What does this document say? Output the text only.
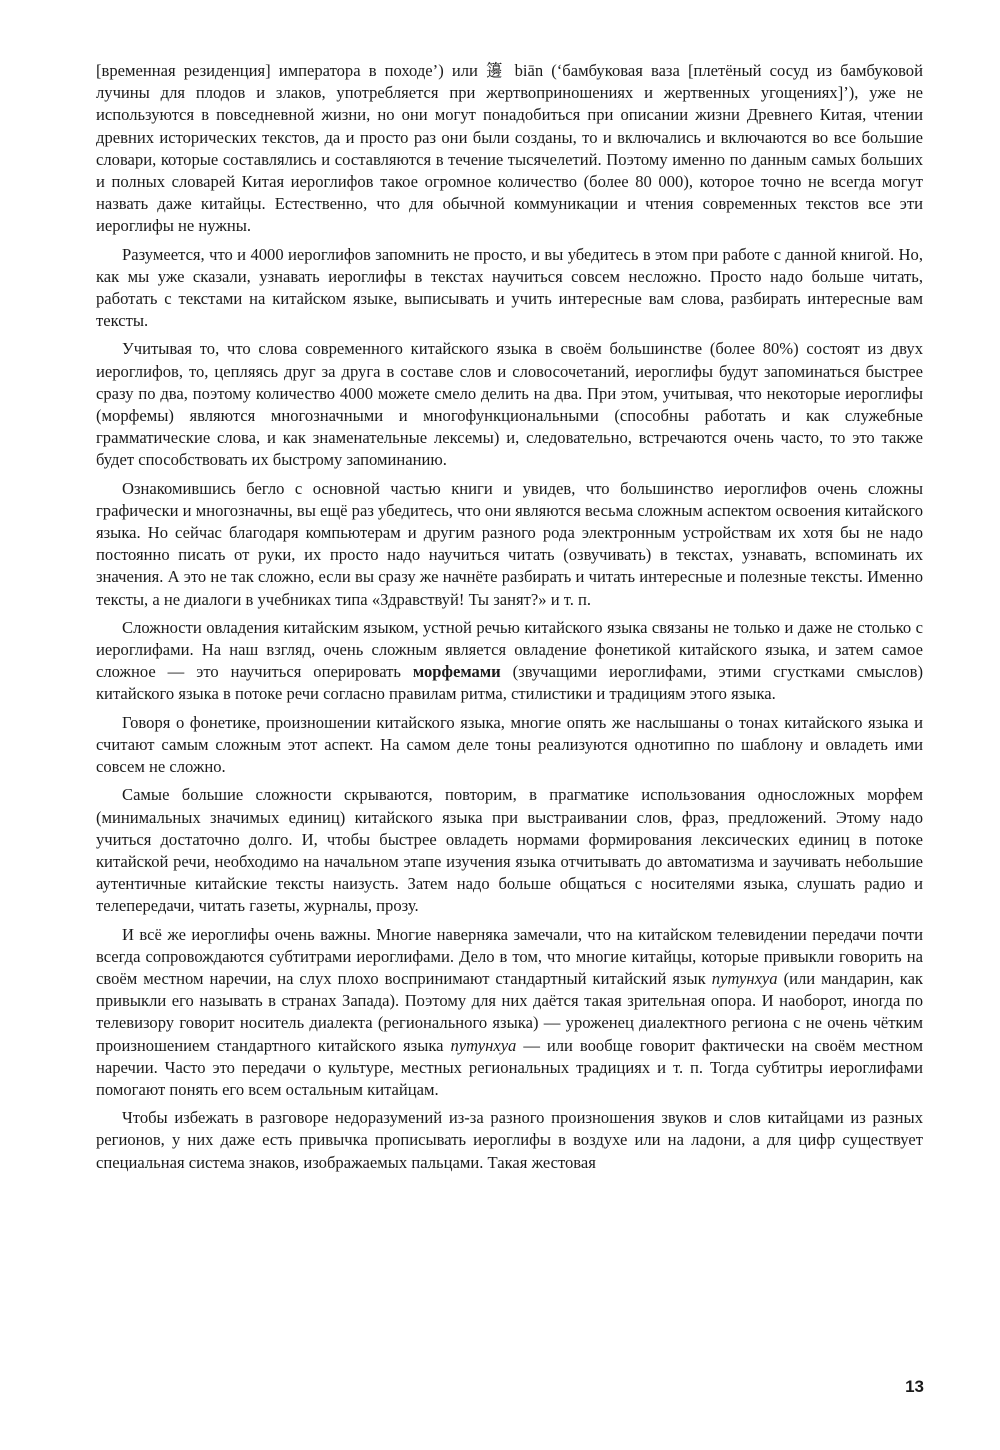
[временная резиденция] императора в походе’) или 籩 biān (‘бамбуковая ваза [плетёный сосуд из бамбуковой лучины для плодов и злаков, употребляется при жертвоприношениях и жертвенных угощениях]’), уже не используются в повседневной жизни, но они могут понадобиться при описании жизни Древнего Китая, чтении древних исторических текстов, да и просто раз они были созданы, то и включались и включаются во все большие словари, которые составлялись и составляются в течение тысячелетий. Поэтому именно по данным самых больших и полных словарей Китая иероглифов такое огромное количество (более 80 000), которое точно не всегда могут назвать даже китайцы. Естественно, что для обычной коммуникации и чтения современных текстов все эти иероглифы не нужны.

Разумеется, что и 4000 иероглифов запомнить не просто, и вы убедитесь в этом при работе с данной книгой. Но, как мы уже сказали, узнавать иероглифы в текстах научиться совсем несложно. Просто надо больше читать, работать с текстами на китайском языке, выписывать и учить интересные вам слова, разбирать интересные вам тексты.

Учитывая то, что слова современного китайского языка в своём большинстве (более 80%) состоят из двух иероглифов, то, цепляясь друг за друга в составе слов и словосочетаний, иероглифы будут запоминаться быстрее сразу по два, поэтому количество 4000 можете смело делить на два. При этом, учитывая, что некоторые иероглифы (морфемы) являются многозначными и многофункциональными (способны работать и как служебные грамматические слова, и как знаменательные лексемы) и, следовательно, встречаются очень часто, то это также будет способствовать их быстрому запоминанию.

Ознакомившись бегло с основной частью книги и увидев, что большинство иероглифов очень сложны графически и многозначны, вы ещё раз убедитесь, что они являются весьма сложным аспектом освоения китайского языка. Но сейчас благодаря компьютерам и другим разного рода электронным устройствам их хотя бы не надо постоянно писать от руки, их просто надо научиться читать (озвучивать) в текстах, узнавать, вспоминать их значения. А это не так сложно, если вы сразу же начнёте разбирать и читать интересные и полезные тексты. Именно тексты, а не диалоги в учебниках типа «Здравствуй! Ты занят?» и т. п.

Сложности овладения китайским языком, устной речью китайского языка связаны не только и даже не столько с иероглифами. На наш взгляд, очень сложным является овладение фонетикой китайского языка, и затем самое сложное — это научиться оперировать морфемами (звучащими иероглифами, этими сгустками смыслов) китайского языка в потоке речи согласно правилам ритма, стилистики и традициям этого языка.

Говоря о фонетике, произношении китайского языка, многие опять же наслышаны о тонах китайского языка и считают самым сложным этот аспект. На самом деле тоны реализуются однотипно по шаблону и овладеть ими совсем не сложно.

Самые большие сложности скрываются, повторим, в прагматике использования односложных морфем (минимальных значимых единиц) китайского языка при выстраивании слов, фраз, предложений. Этому надо учиться достаточно долго. И, чтобы быстрее овладеть нормами формирования лексических единиц в потоке китайской речи, необходимо на начальном этапе изучения языка отчитывать до автоматизма и заучивать небольшие аутентичные китайские тексты наизусть. Затем надо больше общаться с носителями языка, слушать радио и телепередачи, читать газеты, журналы, прозу.

И всё же иероглифы очень важны. Многие наверняка замечали, что на китайском телевидении передачи почти всегда сопровождаются субтитрами иероглифами. Дело в том, что многие китайцы, которые привыкли говорить на своём местном наречии, на слух плохо воспринимают стандартный китайский язык путунхуа (или мандарин, как привыкли его называть в странах Запада). Поэтому для них даётся такая зрительная опора. И наоборот, иногда по телевизору говорит носитель диалекта (регионального языка) — уроженец диалектного региона с не очень чётким произношением стандартного китайского языка путунхуа — или вообще говорит фактически на своём местном наречии. Часто это передачи о культуре, местных региональных традициях и т. п. Тогда субтитры иероглифами помогают понять его всем остальным китайцам.

Чтобы избежать в разговоре недоразумений из-за разного произношения звуков и слов китайцами из разных регионов, у них даже есть привычка прописывать иероглифы в воздухе или на ладони, а для цифр существует специальная система знаков, изображаемых пальцами. Такая жестовая

13
